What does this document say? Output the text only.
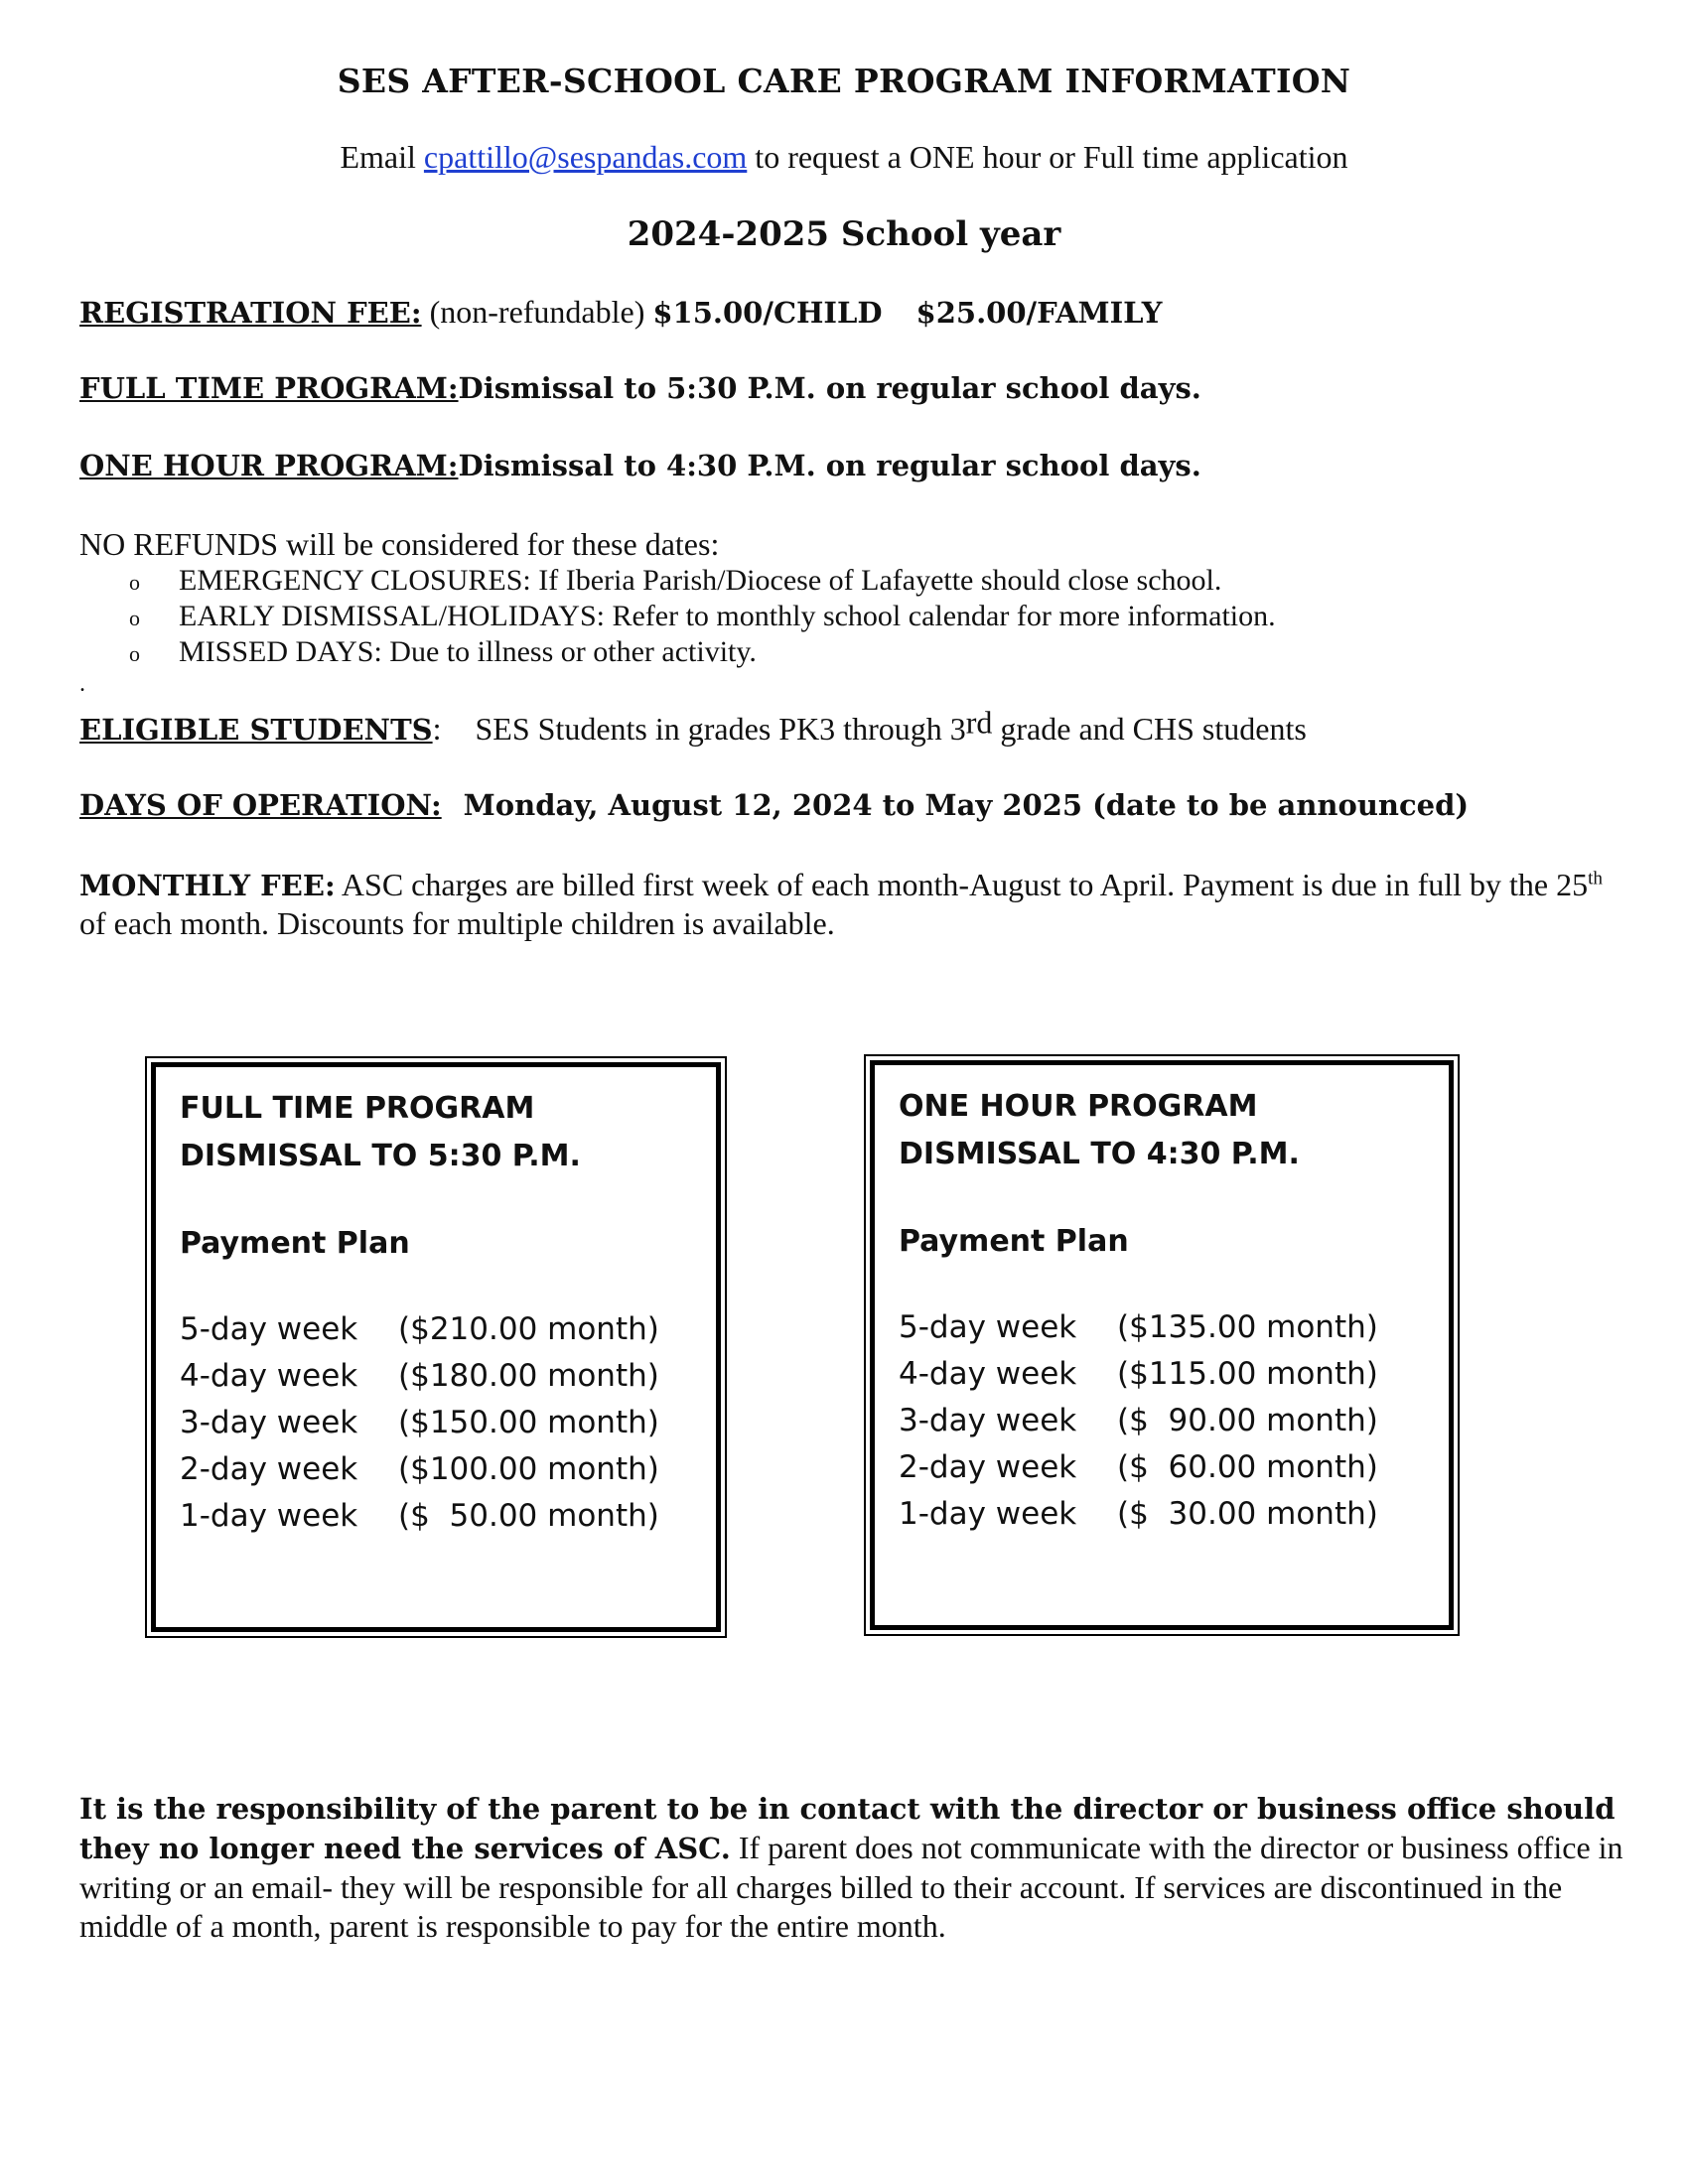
SES AFTER-SCHOOL CARE PROGRAM INFORMATION
Email cpattillo@sespandas.com to request a ONE hour or Full time application
2024-2025 School year
REGISTRATION FEE: (non-refundable) $15.00/CHILD $25.00/FAMILY
FULL TIME PROGRAM:Dismissal to 5:30 P.M. on regular school days.
ONE HOUR PROGRAM:Dismissal to 4:30 P.M. on regular school days.
NO REFUNDS will be considered for these dates:
o EMERGENCY CLOSURES: If Iberia Parish/Diocese of Lafayette should close school.
o EARLY DISMISSAL/HOLIDAYS: Refer to monthly school calendar for more information.
o MISSED DAYS: Due to illness or other activity.
.
ELIGIBLE STUDENTS: SES Students in grades PK3 through 3rd grade and CHS students
DAYS OF OPERATION: Monday, August 12, 2024 to May 2025 (date to be announced)
MONTHLY FEE: ASC charges are billed first week of each month-August to April. Payment is due in full by the 25th of each month. Discounts for multiple children is available.
FULL TIME PROGRAM
DISMISSAL TO 5:30 P.M.
Payment Plan
5-day week ($210.00 month)
4-day week ($180.00 month)
3-day week ($150.00 month)
2-day week ($100.00 month)
1-day week ($  50.00 month)
ONE HOUR PROGRAM
DISMISSAL TO 4:30 P.M.
Payment Plan
5-day week ($135.00 month)
4-day week ($115.00 month)
3-day week ($  90.00 month)
2-day week ($  60.00 month)
1-day week ($  30.00 month)
It is the responsibility of the parent to be in contact with the director or business office should they no longer need the services of ASC. If parent does not communicate with the director or business office in writing or an email- they will be responsible for all charges billed to their account. If services are discontinued in the middle of a month, parent is responsible to pay for the entire month.
